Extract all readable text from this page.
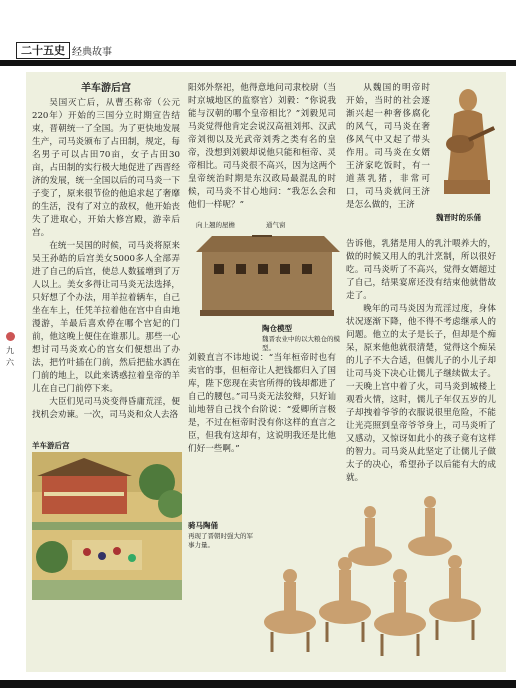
二十五史 经典故事
九六
羊车游后宫

吴国灭亡后，从曹丕称帝（公元220年）开始的三国分立时期宣告结束，晋朝统一了全国。为了更快地发展生产，司马炎颁布了占田制，规定，每名男子可以占田70亩，女子占田30亩，占田制的实行极大地促进了西晋经济的发展，统一全国以后的司马炎一下子变了，原来很节俭的他追求起了奢靡的生活，没有了对立的敌权，他开始丧失了进取心，开始大修宫殿，游幸后宫。

在统一吴国的时候，司马炎将原来吴王孙皓的后宫美女5000多人全部弄进了自己的后宫，使总人数猛增到了万人以上。美女多得让司马炎无法选择，只好想了个办法，用羊拉着辆车，自己坐在车上，任凭羊拉着他在宫中自由地漫游，羊最后喜欢停在哪个宫妃的门前，他这晚上便住在谁那儿。那些一心想讨司马炎欢心的宫女们便想出了办法，把竹叶插在门前，然后把盐水洒在门前的地上，以此来诱惑拉着皇帝的羊儿在自己门前停下来。

大臣们见司马炎变得昏庸荒淫，便找机会劝谏。一次，司马炎和众人去洛

羊车游后宫

阳郊外祭祀，他得意地问司隶校尉（当时京城地区的监察官）刘毅：“你说我能与汉朝的哪个皇帝相比？”刘毅见司马炎觉得他肯定会说汉高祖刘邦、汉武帝刘彻以及光武帝刘秀之类有名的皇帝，没想到刘毅却说他只能和桓帝、灵帝相比。司马炎很不高兴，因为这两个皇帝统治时期是东汉政局最混乱的时候，司马炎不甘心地问：“我怎么会和他们一样呢？”

向上翘的屋檐	通气窗
陶仓模型
魏晋农业中的以大粮仓的模型。

刘毅直言不讳地说：“当年桓帝时也有卖官的事，但桓帝让人把钱都归入了国库，陛下您现在卖官所得的钱却都进了自己的腰包。”司马炎无法狡辩，只好讪讪地替自己找个台阶说：“爱卿所言极是，不过在桓帝时没有你这样的直言之臣，但我有这却有，这说明我还是比他们好一些啊。”

从魏国的明帝时开始，当时的社会逐渐兴起一种奢侈腐化的风气，司马炎在奢侈风气中又起了带头作用。司马炎在女婿王济家吃饭时，有一道蒸乳猪，非常可口，司马炎就问王济是怎么做的，王济

魏晋时的乐俑

告诉他，乳猪是用人的乳汁喂养大的，做的时候又用人的乳汁烹制，所以很好吃。司马炎听了不高兴，觉得女婿超过了自己，结果宴席还没有结束他就借故走了。

晚年的司马炎因为荒淫过度，身体状况逐渐下降，他不得不考虑继承人的问题。他立的太子是长子，但却是个痴呆，原来他他就很清楚，觉得这个痴呆的儿子不大合适，但儒儿子的小儿子却让司马炎下决心让儒儿子继续做太子。一天晚上宫中着了火，司马炎到城楼上观看火情，这时，儒儿子年仅五岁的儿子却拽着爷爷的衣服说很里危险，不能让光亮照到皇帝爷爷身上，司马炎听了又感动，又惊讶如此小的孩子竟有这样的智力。司马炎从此坚定了让儒儿子做太子的决心，希望孙子以后能有大的成就。

骑马陶俑
再现了晋朝时强大的军事力量。
